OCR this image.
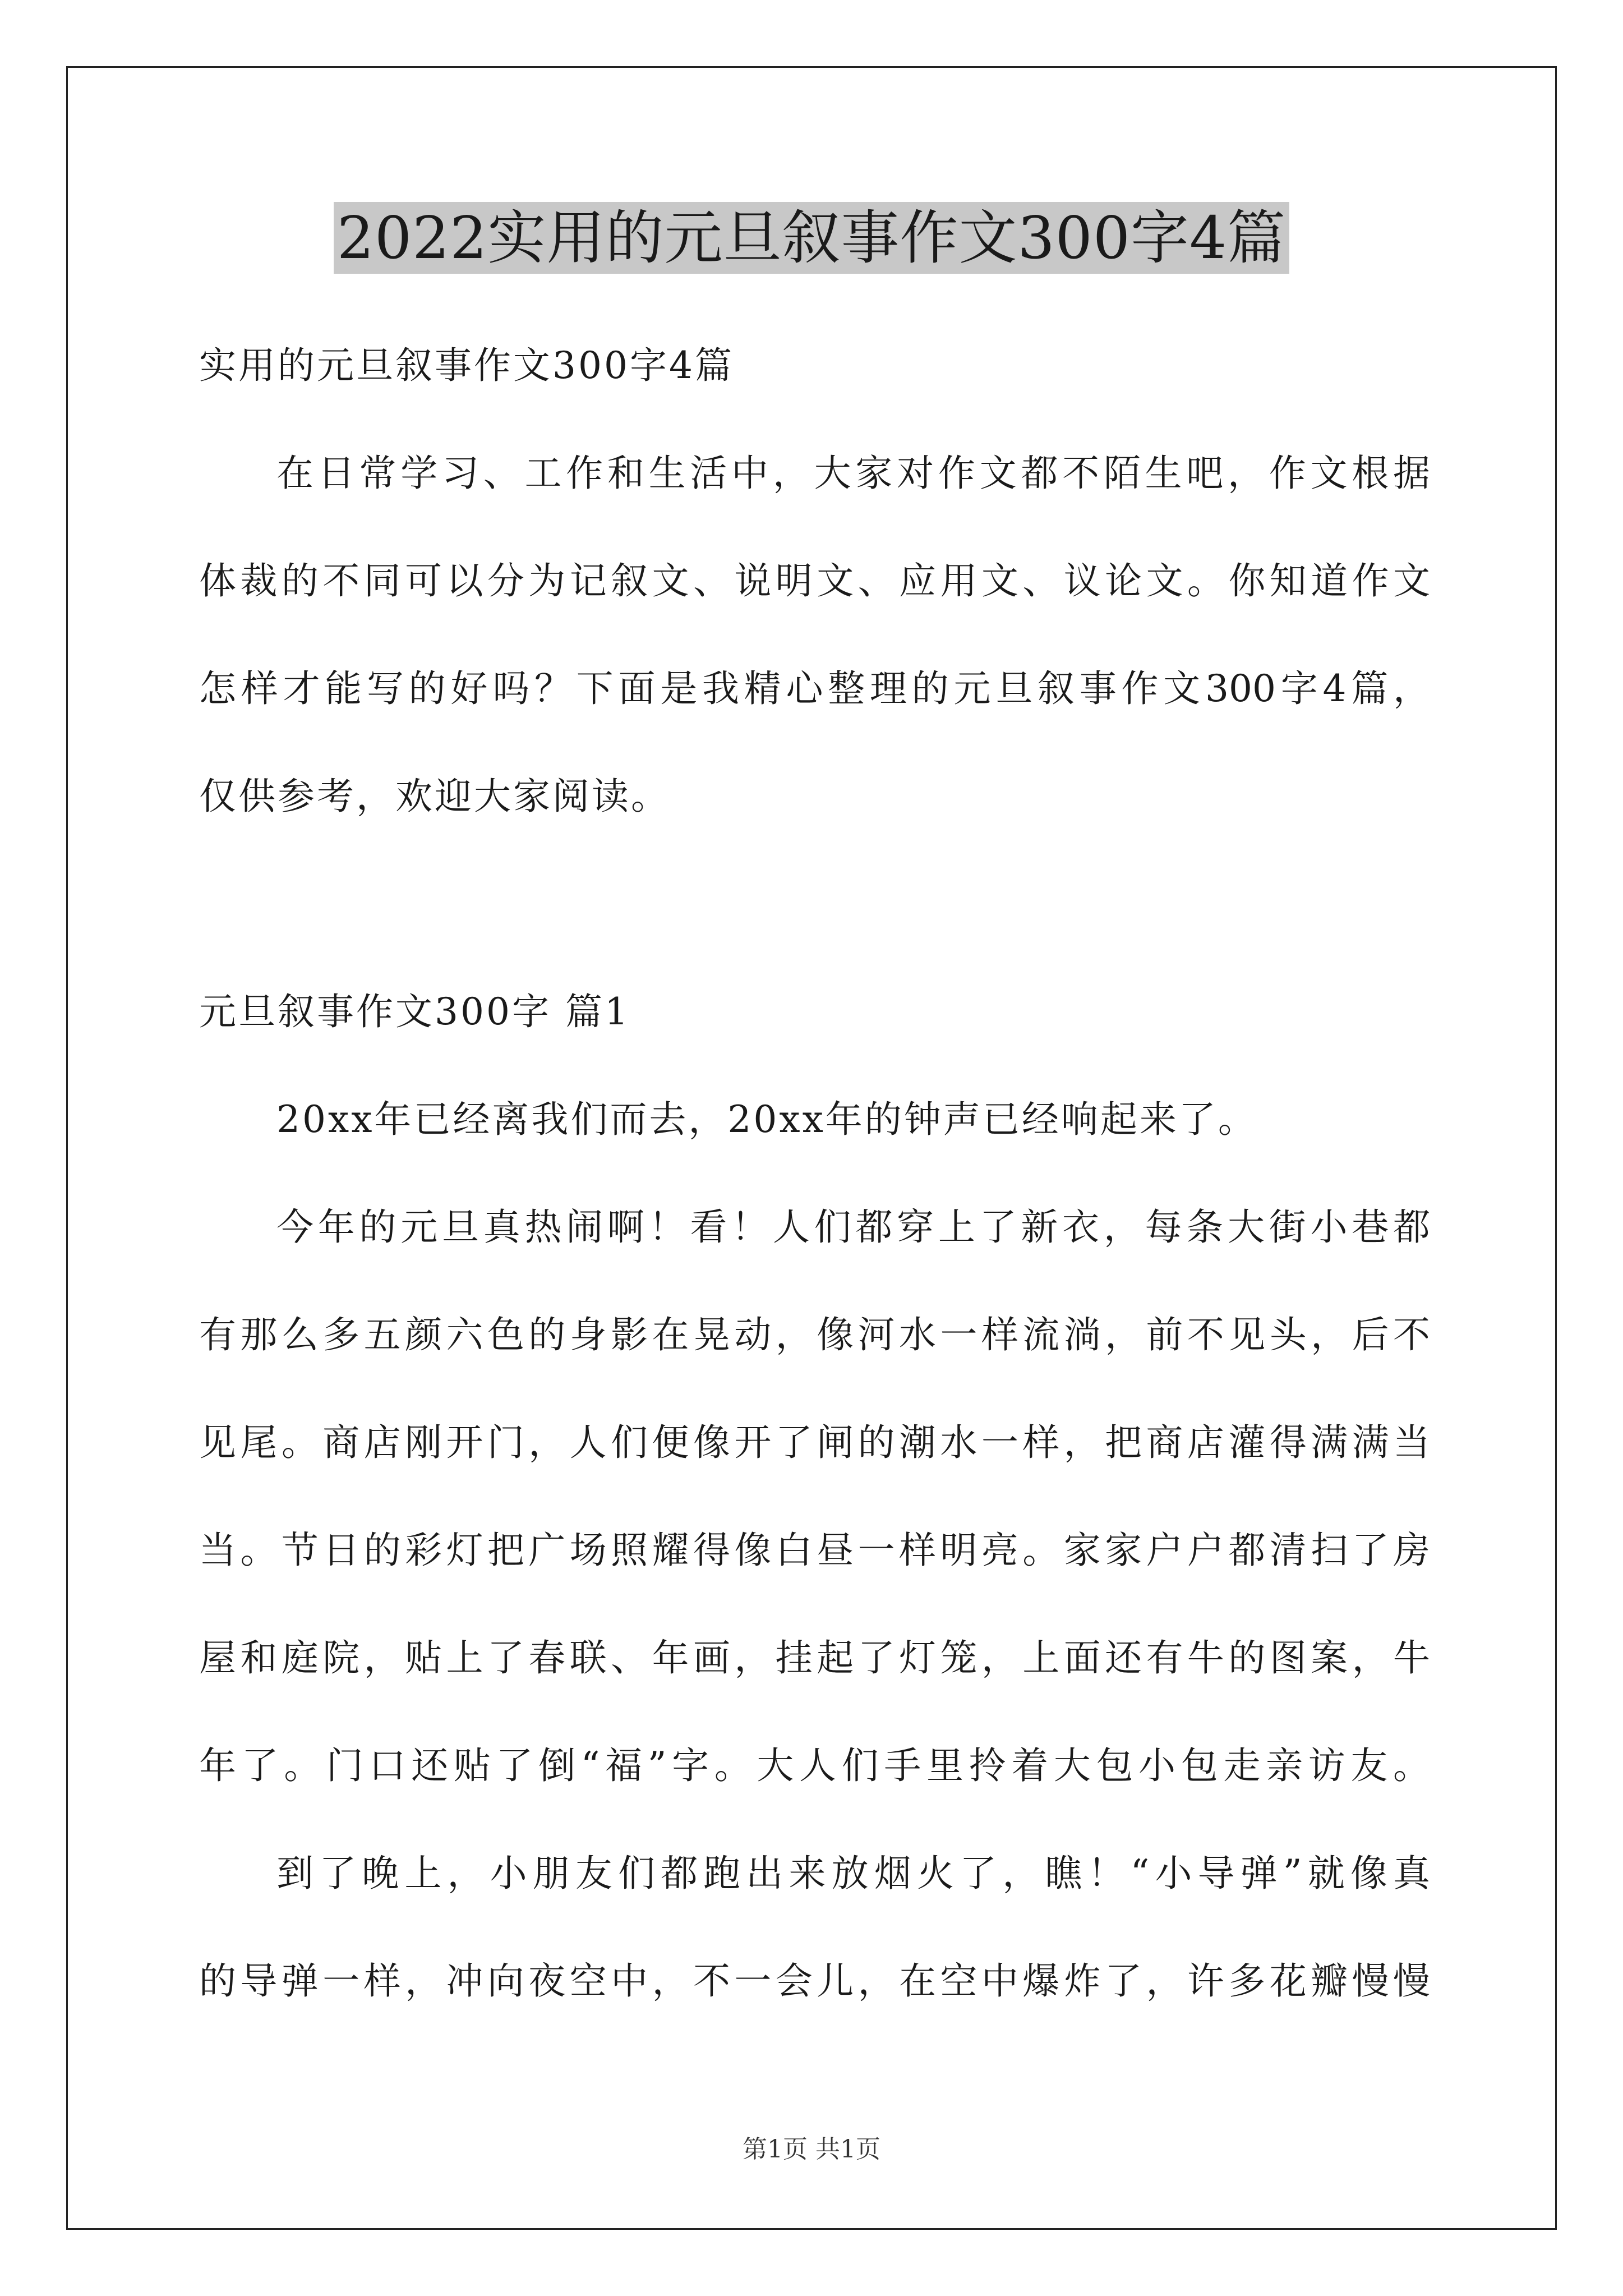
2022实用的元旦叙事作文300字4篇
实用的元旦叙事作文300字4篇
在日常学习、工作和生活中，大家对作文都不陌生吧，作文根据
体裁的不同可以分为记叙文、说明文、应用文、议论文。你知道作文
怎样才能写的好吗？下面是我精心整理的元旦叙事作文300字4篇，
仅供参考，欢迎大家阅读。
元旦叙事作文300字 篇1
20xx年已经离我们而去，20xx年的钟声已经响起来了。
今年的元旦真热闹啊！看！人们都穿上了新衣，每条大街小巷都
有那么多五颜六色的身影在晃动，像河水一样流淌，前不见头，后不
见尾。商店刚开门，人们便像开了闸的潮水一样，把商店灌得满满当
当。节日的彩灯把广场照耀得像白昼一样明亮。家家户户都清扫了房
屋和庭院，贴上了春联、年画，挂起了灯笼，上面还有牛的图案，牛
年了。门口还贴了倒“福”字。大人们手里拎着大包小包走亲访友。
到了晚上，小朋友们都跑出来放烟火了，瞧！“小导弹”就像真
的导弹一样，冲向夜空中，不一会儿，在空中爆炸了，许多花瓣慢慢
第1页 共1页
